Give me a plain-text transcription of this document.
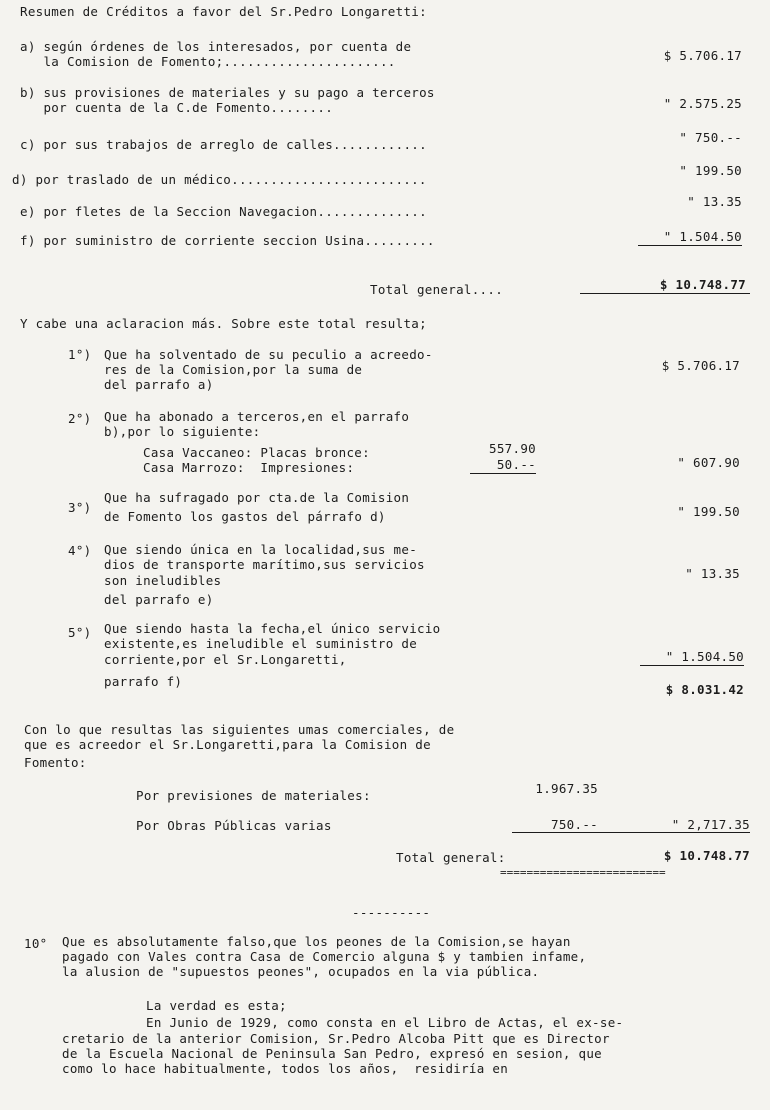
Resumen de Créditos a favor del Sr.Pedro Longaretti:
a) según órdenes de los interesados, por cuenta de
la Comision de Fomento;......................	$ 5.706.17
b) sus provisiones de materiales y su pago a terceros
por cuenta de la C.de Fomento........	" 2.575.25
c) por sus trabajos de arreglo de calles............	" 750.--
d) por traslado de un médico.........................
" 199.50
e) por fletes de la Seccion Navegacion..............
" 13.35
f) por suministro de corriente seccion Usina.........	" 1.504.50
Total general....	$ 10.748.77
Y cabe una aclaracion más. Sobre este total resulta;
1°) Que ha solventado de su peculio a acreedo-
res de la Comision,por la suma de
del parrafo a)
$ 5.706.17
2°) Que ha abonado a terceros,en el parrafo
b),por lo siguiente:
Casa Vaccaneo: Placas bronce:	557.90
Casa Marrozo:  Impresiones:	50.--	" 607.90
3°)
Que ha sufragado por cta.de la Comision
de Fomento los gastos del párrafo d)	" 199.50
4°) Que siendo única en la localidad,sus me-
dios de transporte marítimo,sus servicios
son ineludibles
del parrafo e)
" 13.35
5°) Que siendo hasta la fecha,el único servicio
existente,es ineludible el suministro de
corriente,por el Sr.Longaretti,
parrafo f)
" 1.504.50
$ 8.031.42
Con lo que resultas las siguientes umas comerciales, de
que es acreedor el Sr.Longaretti,para la Comision de
Fomento:
Por previsiones de materiales:	1.967.35
Por Obras Públicas varias	750.--	" 2,717.35
Total general:	$ 10.748.77
=========================
----------
10° Que es absolutamente falso,que los peones de la Comision,se hayan
pagado con Vales contra Casa de Comercio alguna $ y tambien infame,
la alusion de "supuestos peones", ocupados en la via pública.
La verdad es esta;
En Junio de 1929, como consta en el Libro de Actas, el ex-se-
cretario de la anterior Comision, Sr.Pedro Alcoba Pitt que es Director
de la Escuela Nacional de Peninsula San Pedro, expresó en sesion, que
como lo hace habitualmente, todos los años,  residiría en
